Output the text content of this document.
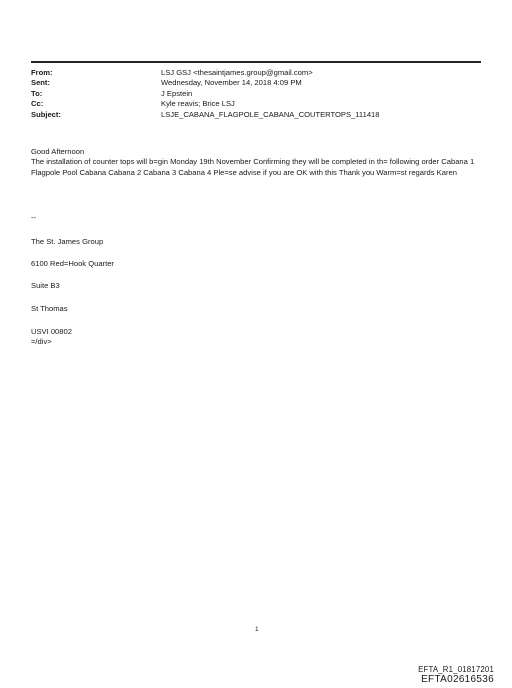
From:	LSJ GSJ <thesaintjames.group@gmail.com>
Sent:	Wednesday, November 14, 2018 4:09 PM
To:	J Epstein
Cc:	Kyle reavis; Brice LSJ
Subject:	LSJE_CABANA_FLAGPOLE_CABANA_COUTERTOPS_111418
Good Afternoon
The installation of counter tops will b=gin Monday 19th November Confirming they will be completed in th= following order Cabana 1 Flagpole Pool Cabana Cabana 2 Cabana 3 Cabana 4 Ple=se advise if you are OK with this Thank you Warm=st regards Karen
--
The St. James Group
6100 Red=Hook Quarter
Suite B3
St Thomas
USVI 00802
=/div>
1
EFTA_R1_01817201
EFTA02616536
